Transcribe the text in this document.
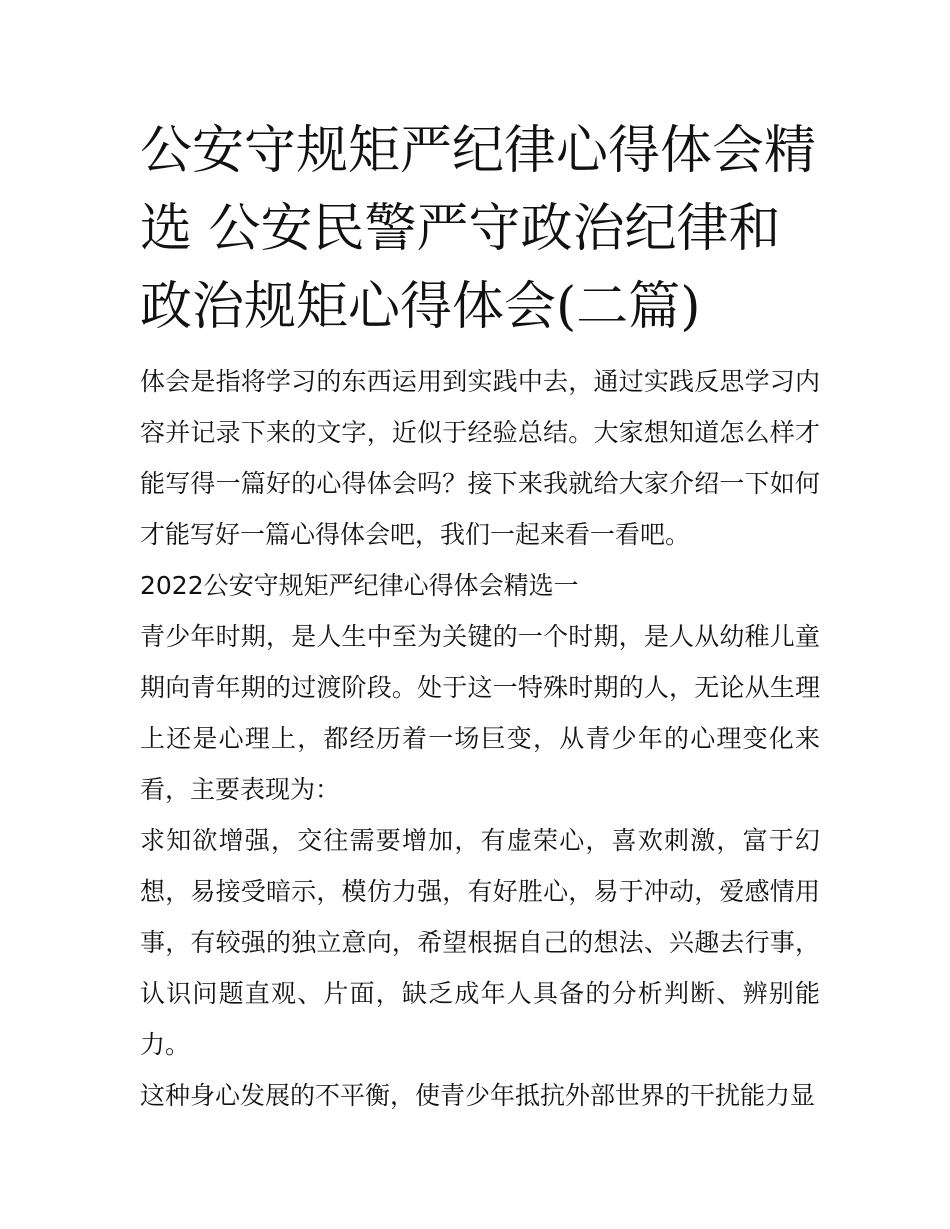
公安守规矩严纪律心得体会精选 公安民警严守政治纪律和政治规矩心得体会(二篇)

体会是指将学习的东西运用到实践中去，通过实践反思学习内容并记录下来的文字，近似于经验总结。大家想知道怎么样才能写得一篇好的心得体会吗？接下来我就给大家介绍一下如何才能写好一篇心得体会吧，我们一起来看一看吧。

2022公安守规矩严纪律心得体会精选一

青少年时期，是人生中至为关键的一个时期，是人从幼稚儿童期向青年期的过渡阶段。处于这一特殊时期的人，无论从生理上还是心理上，都经历着一场巨变，从青少年的心理变化来看，主要表现为：

求知欲增强，交往需要增加，有虚荣心，喜欢刺激，富于幻想，易接受暗示，模仿力强，有好胜心，易于冲动，爱感情用事，有较强的独立意向，希望根据自己的想法、兴趣去行事，认识问题直观、片面，缺乏成年人具备的分析判断、辨别能力。

这种身心发展的不平衡，使青少年抵抗外部世界的干扰能力显
